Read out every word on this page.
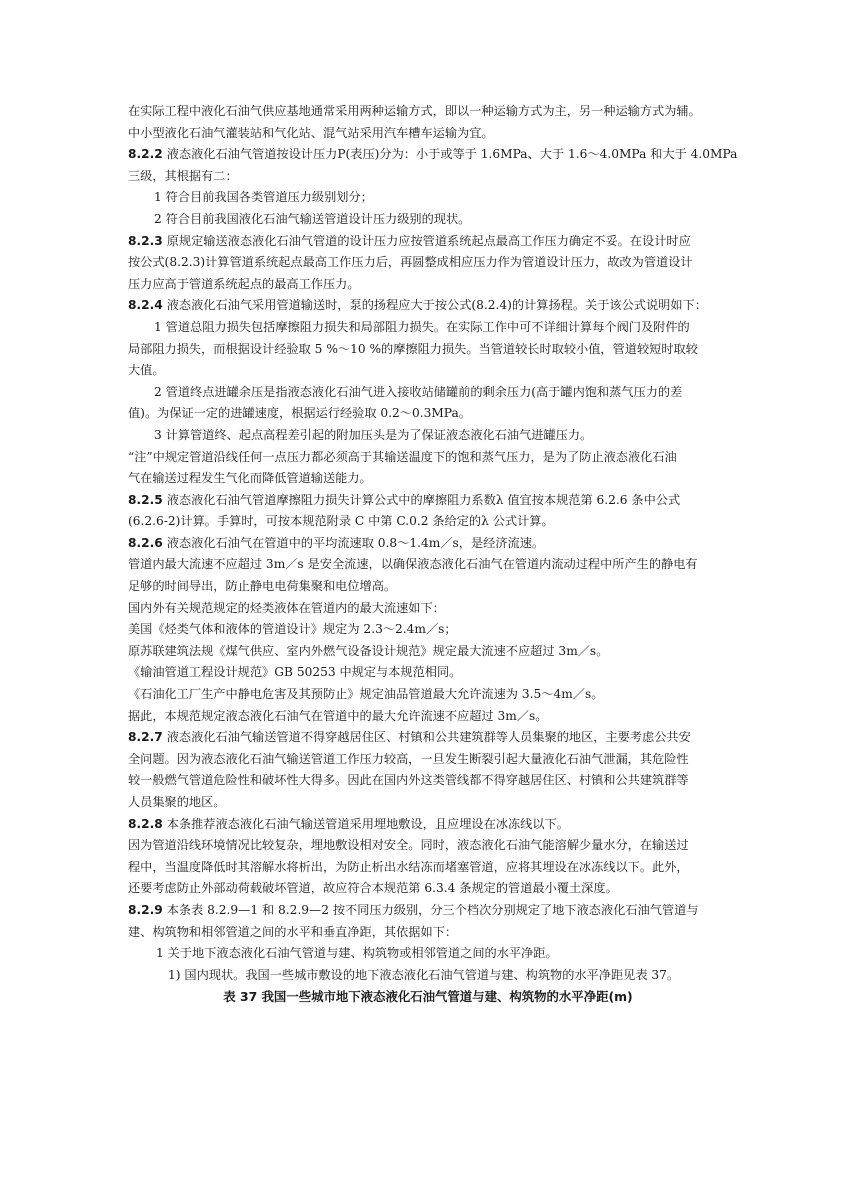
在实际工程中液化石油气供应基地通常采用两种运输方式，即以一种运输方式为主，另一种运输方式为辅。

中小型液化石油气灌装站和气化站、混气站采用汽车槽车运输为宜。

8.2.2 液态液化石油气管道按设计压力P(表压)分为：小于或等于 1.6MPa、大于 1.6～4.0MPa 和大于 4.0MPa

三级，其根据有二：

1 符合目前我国各类管道压力级别划分；

2 符合目前我国液化石油气输送管道设计压力级别的现状。

8.2.3 原规定输送液态液化石油气管道的设计压力应按管道系统起点最高工作压力确定不妥。在设计时应

按公式(8.2.3)计算管道系统起点最高工作压力后，再圆整成相应压力作为管道设计压力，故改为管道设计

压力应高于管道系统起点的最高工作压力。

8.2.4 液态液化石油气采用管道输送时，泵的扬程应大于按公式(8.2.4)的计算扬程。关于该公式说明如下：

1 管道总阻力损失包括摩擦阻力损失和局部阻力损失。在实际工作中可不详细计算每个阀门及附件的

局部阻力损失，而根据设计经验取 5 %～10 %的摩擦阻力损失。当管道较长时取较小值，管道较短时取较

大值。

2 管道终点进罐余压是指液态液化石油气进入接收站储罐前的剩余压力(高于罐内饱和蒸气压力的差

值)。为保证一定的进罐速度，根据运行经验取 0.2～0.3MPa。

3 计算管道终、起点高程差引起的附加压头是为了保证液态液化石油气进罐压力。

“注”中规定管道沿线任何一点压力都必须高于其输送温度下的饱和蒸气压力，是为了防止液态液化石油

气在输送过程发生气化而降低管道输送能力。

8.2.5 液态液化石油气管道摩擦阻力损失计算公式中的摩擦阻力系数λ 值宜按本规范第 6.2.6 条中公式

(6.2.6-2)计算。手算时，可按本规范附录 C 中第 C.0.2 条给定的λ 公式计算。

8.2.6 液态液化石油气在管道中的平均流速取 0.8～1.4m／s，是经济流速。

管道内最大流速不应超过 3m／s 是安全流速，以确保液态液化石油气在管道内流动过程中所产生的静电有

足够的时间导出，防止静电电荷集聚和电位增高。

国内外有关规范规定的烃类液体在管道内的最大流速如下：

美国《烃类气体和液体的管道设计》规定为 2.3～2.4m／s；

原苏联建筑法规《煤气供应、室内外燃气设备设计规范》规定最大流速不应超过 3m／s。

《输油管道工程设计规范》GB 50253 中规定与本规范相同。

《石油化工厂生产中静电危害及其预防止》规定油品管道最大允许流速为 3.5～4m／s。

据此，本规范规定液态液化石油气在管道中的最大允许流速不应超过 3m／s。

8.2.7 液态液化石油气输送管道不得穿越居住区、村镇和公共建筑群等人员集聚的地区，主要考虑公共安

全问题。因为液态液化石油气输送管道工作压力较高，一旦发生断裂引起大量液化石油气泄漏，其危险性

较一般燃气管道危险性和破坏性大得多。因此在国内外这类管线都不得穿越居住区、村镇和公共建筑群等

人员集聚的地区。

8.2.8 本条推荐液态液化石油气输送管道采用埋地敷设，且应埋设在冰冻线以下。

因为管道沿线环境情况比较复杂，埋地敷设相对安全。同时，液态液化石油气能溶解少量水分，在输送过

程中，当温度降低时其溶解水将析出，为防止析出水结冻而堵塞管道，应将其埋设在冰冻线以下。此外，

还要考虑防止外部动荷载破坏管道，故应符合本规范第 6.3.4 条规定的管道最小覆土深度。

8.2.9 本条表 8.2.9—1 和 8.2.9—2 按不同压力级别，分三个档次分别规定了地下液态液化石油气管道与

建、构筑物和相邻管道之间的水平和垂直净距，其依据如下：

1 关于地下液态液化石油气管道与建、构筑物或相邻管道之间的水平净距。

1) 国内现状。我国一些城市敷设的地下液态液化石油气管道与建、构筑物的水平净距见表 37。

表 37 我国一些城市地下液态液化石油气管道与建、构筑物的水平净距(m)
